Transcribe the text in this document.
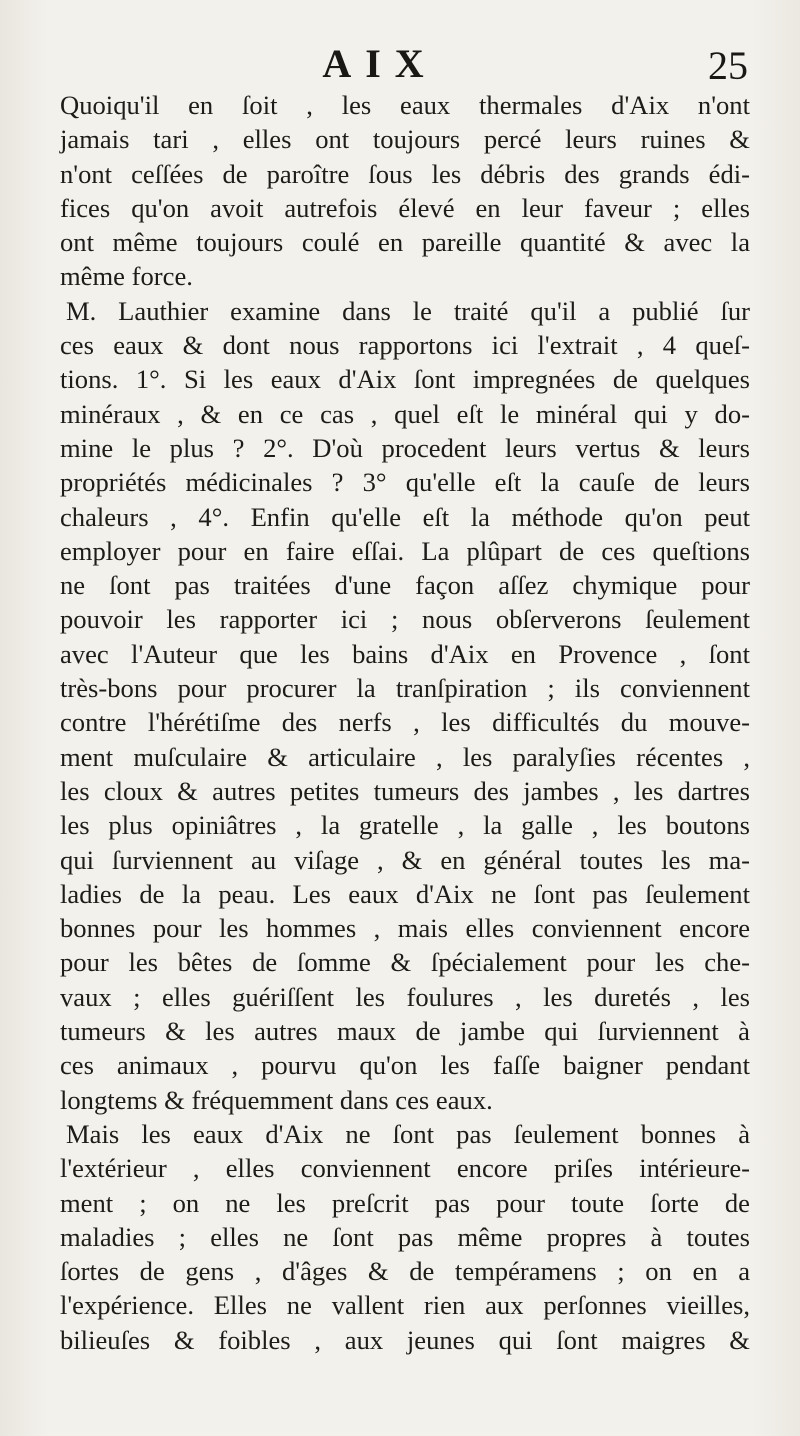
AIX	25
Quoiqu'il en ſoit , les eaux thermales d'Aix n'ont
jamais tari , elles ont toujours percé leurs ruines &
n'ont ceſſées de paroître ſous les débris des grands édi-
fices qu'on avoit autrefois élevé en leur faveur ; elles
ont même toujours coulé en pareille quantité & avec la
même force.
M. Lauthier examine dans le traité qu'il a publié ſur
ces eaux & dont nous rapportons ici l'extrait , 4 queſ-
tions. 1°. Si les eaux d'Aix ſont impregnées de quelques
minéraux , & en ce cas , quel eſt le minéral qui y do-
mine le plus ? 2°. D'où procedent leurs vertus & leurs
propriétés médicinales ? 3° qu'elle eſt la cauſe de leurs
chaleurs , 4°. Enfin qu'elle eſt la méthode qu'on peut
employer pour en faire eſſai. La plûpart de ces queſtions
ne ſont pas traitées d'une façon aſſez chymique pour
pouvoir les rapporter ici ; nous obſerverons ſeulement
avec l'Auteur que les bains d'Aix en Provence , ſont
très-bons pour procurer la tranſpiration ; ils conviennent
contre l'hérétiſme des nerfs , les difficultés du mouve-
ment muſculaire & articulaire , les paralyſies récentes ,
les cloux & autres petites tumeurs des jambes , les dartres
les plus opiniâtres , la gratelle , la galle , les boutons
qui ſurviennent au viſage , & en général toutes les ma-
ladies de la peau. Les eaux d'Aix ne ſont pas ſeulement
bonnes pour les hommes , mais elles conviennent encore
pour les bêtes de ſomme & ſpécialement pour les che-
vaux ; elles guériſſent les foulures , les duretés , les
tumeurs & les autres maux de jambe qui ſurviennent à
ces animaux , pourvu qu'on les faſſe baigner pendant
longtems & fréquemment dans ces eaux.
Mais les eaux d'Aix ne ſont pas ſeulement bonnes à
l'extérieur , elles conviennent encore priſes intérieure-
ment ; on ne les preſcrit pas pour toute ſorte de
maladies ; elles ne ſont pas même propres à toutes
ſortes de gens , d'âges & de tempéramens ; on en a
l'expérience. Elles ne vallent rien aux perſonnes vieilles,
bilieuſes & foibles , aux jeunes qui ſont maigres &
